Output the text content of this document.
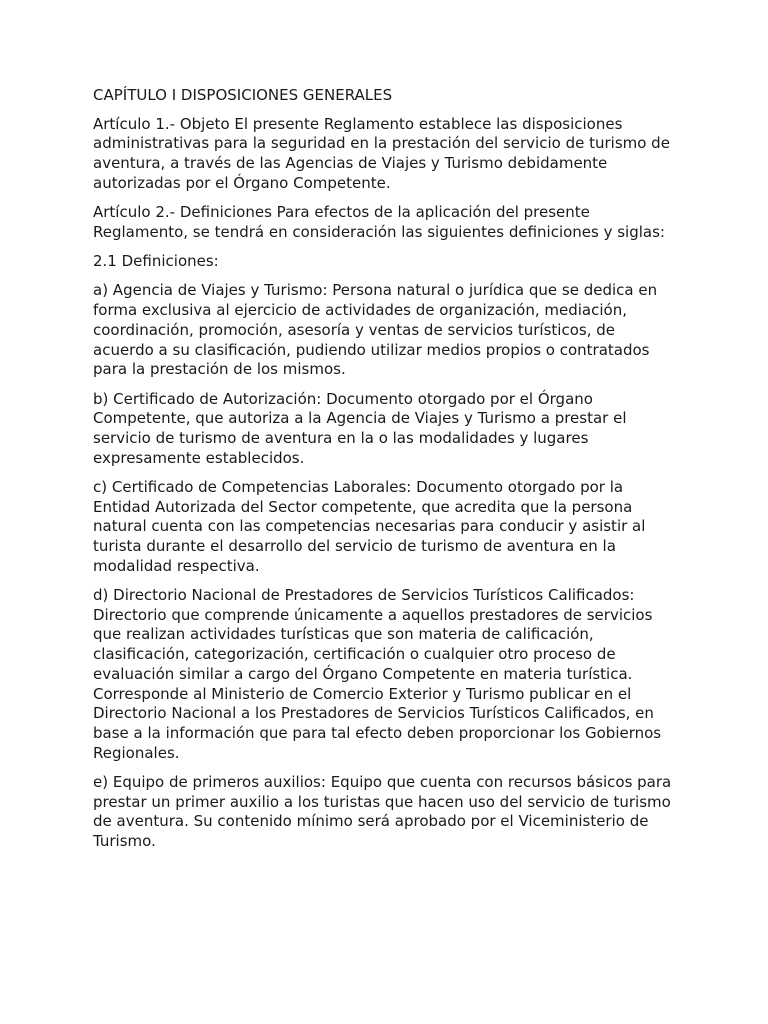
CAPÍTULO I DISPOSICIONES GENERALES

Artículo 1.- Objeto El presente Reglamento establece las disposiciones administrativas para la seguridad en la prestación del servicio de turismo de aventura, a través de las Agencias de Viajes y Turismo debidamente autorizadas por el Órgano Competente.

Artículo 2.- Definiciones Para efectos de la aplicación del presente Reglamento, se tendrá en consideración las siguientes definiciones y siglas:

2.1 Definiciones:

a) Agencia de Viajes y Turismo: Persona natural o jurídica que se dedica en forma exclusiva al ejercicio de actividades de organización, mediación, coordinación, promoción, asesoría y ventas de servicios turísticos, de acuerdo a su clasificación, pudiendo utilizar medios propios o contratados para la prestación de los mismos.

b) Certificado de Autorización: Documento otorgado por el Órgano Competente, que autoriza a la Agencia de Viajes y Turismo a prestar el servicio de turismo de aventura en la o las modalidades y lugares expresamente establecidos.

c) Certificado de Competencias Laborales: Documento otorgado por la Entidad Autorizada del Sector competente, que acredita que la persona natural cuenta con las competencias necesarias para conducir y asistir al turista durante el desarrollo del servicio de turismo de aventura en la modalidad respectiva.

d) Directorio Nacional de Prestadores de Servicios Turísticos Calificados: Directorio que comprende únicamente a aquellos prestadores de servicios que realizan actividades turísticas que son materia de calificación, clasificación, categorización, certificación o cualquier otro proceso de evaluación similar a cargo del Órgano Competente en materia turística. Corresponde al Ministerio de Comercio Exterior y Turismo publicar en el Directorio Nacional a los Prestadores de Servicios Turísticos Calificados, en base a la información que para tal efecto deben proporcionar los Gobiernos Regionales.

e) Equipo de primeros auxilios: Equipo que cuenta con recursos básicos para prestar un primer auxilio a los turistas que hacen uso del servicio de turismo de aventura. Su contenido mínimo será aprobado por el Viceministerio de Turismo.
